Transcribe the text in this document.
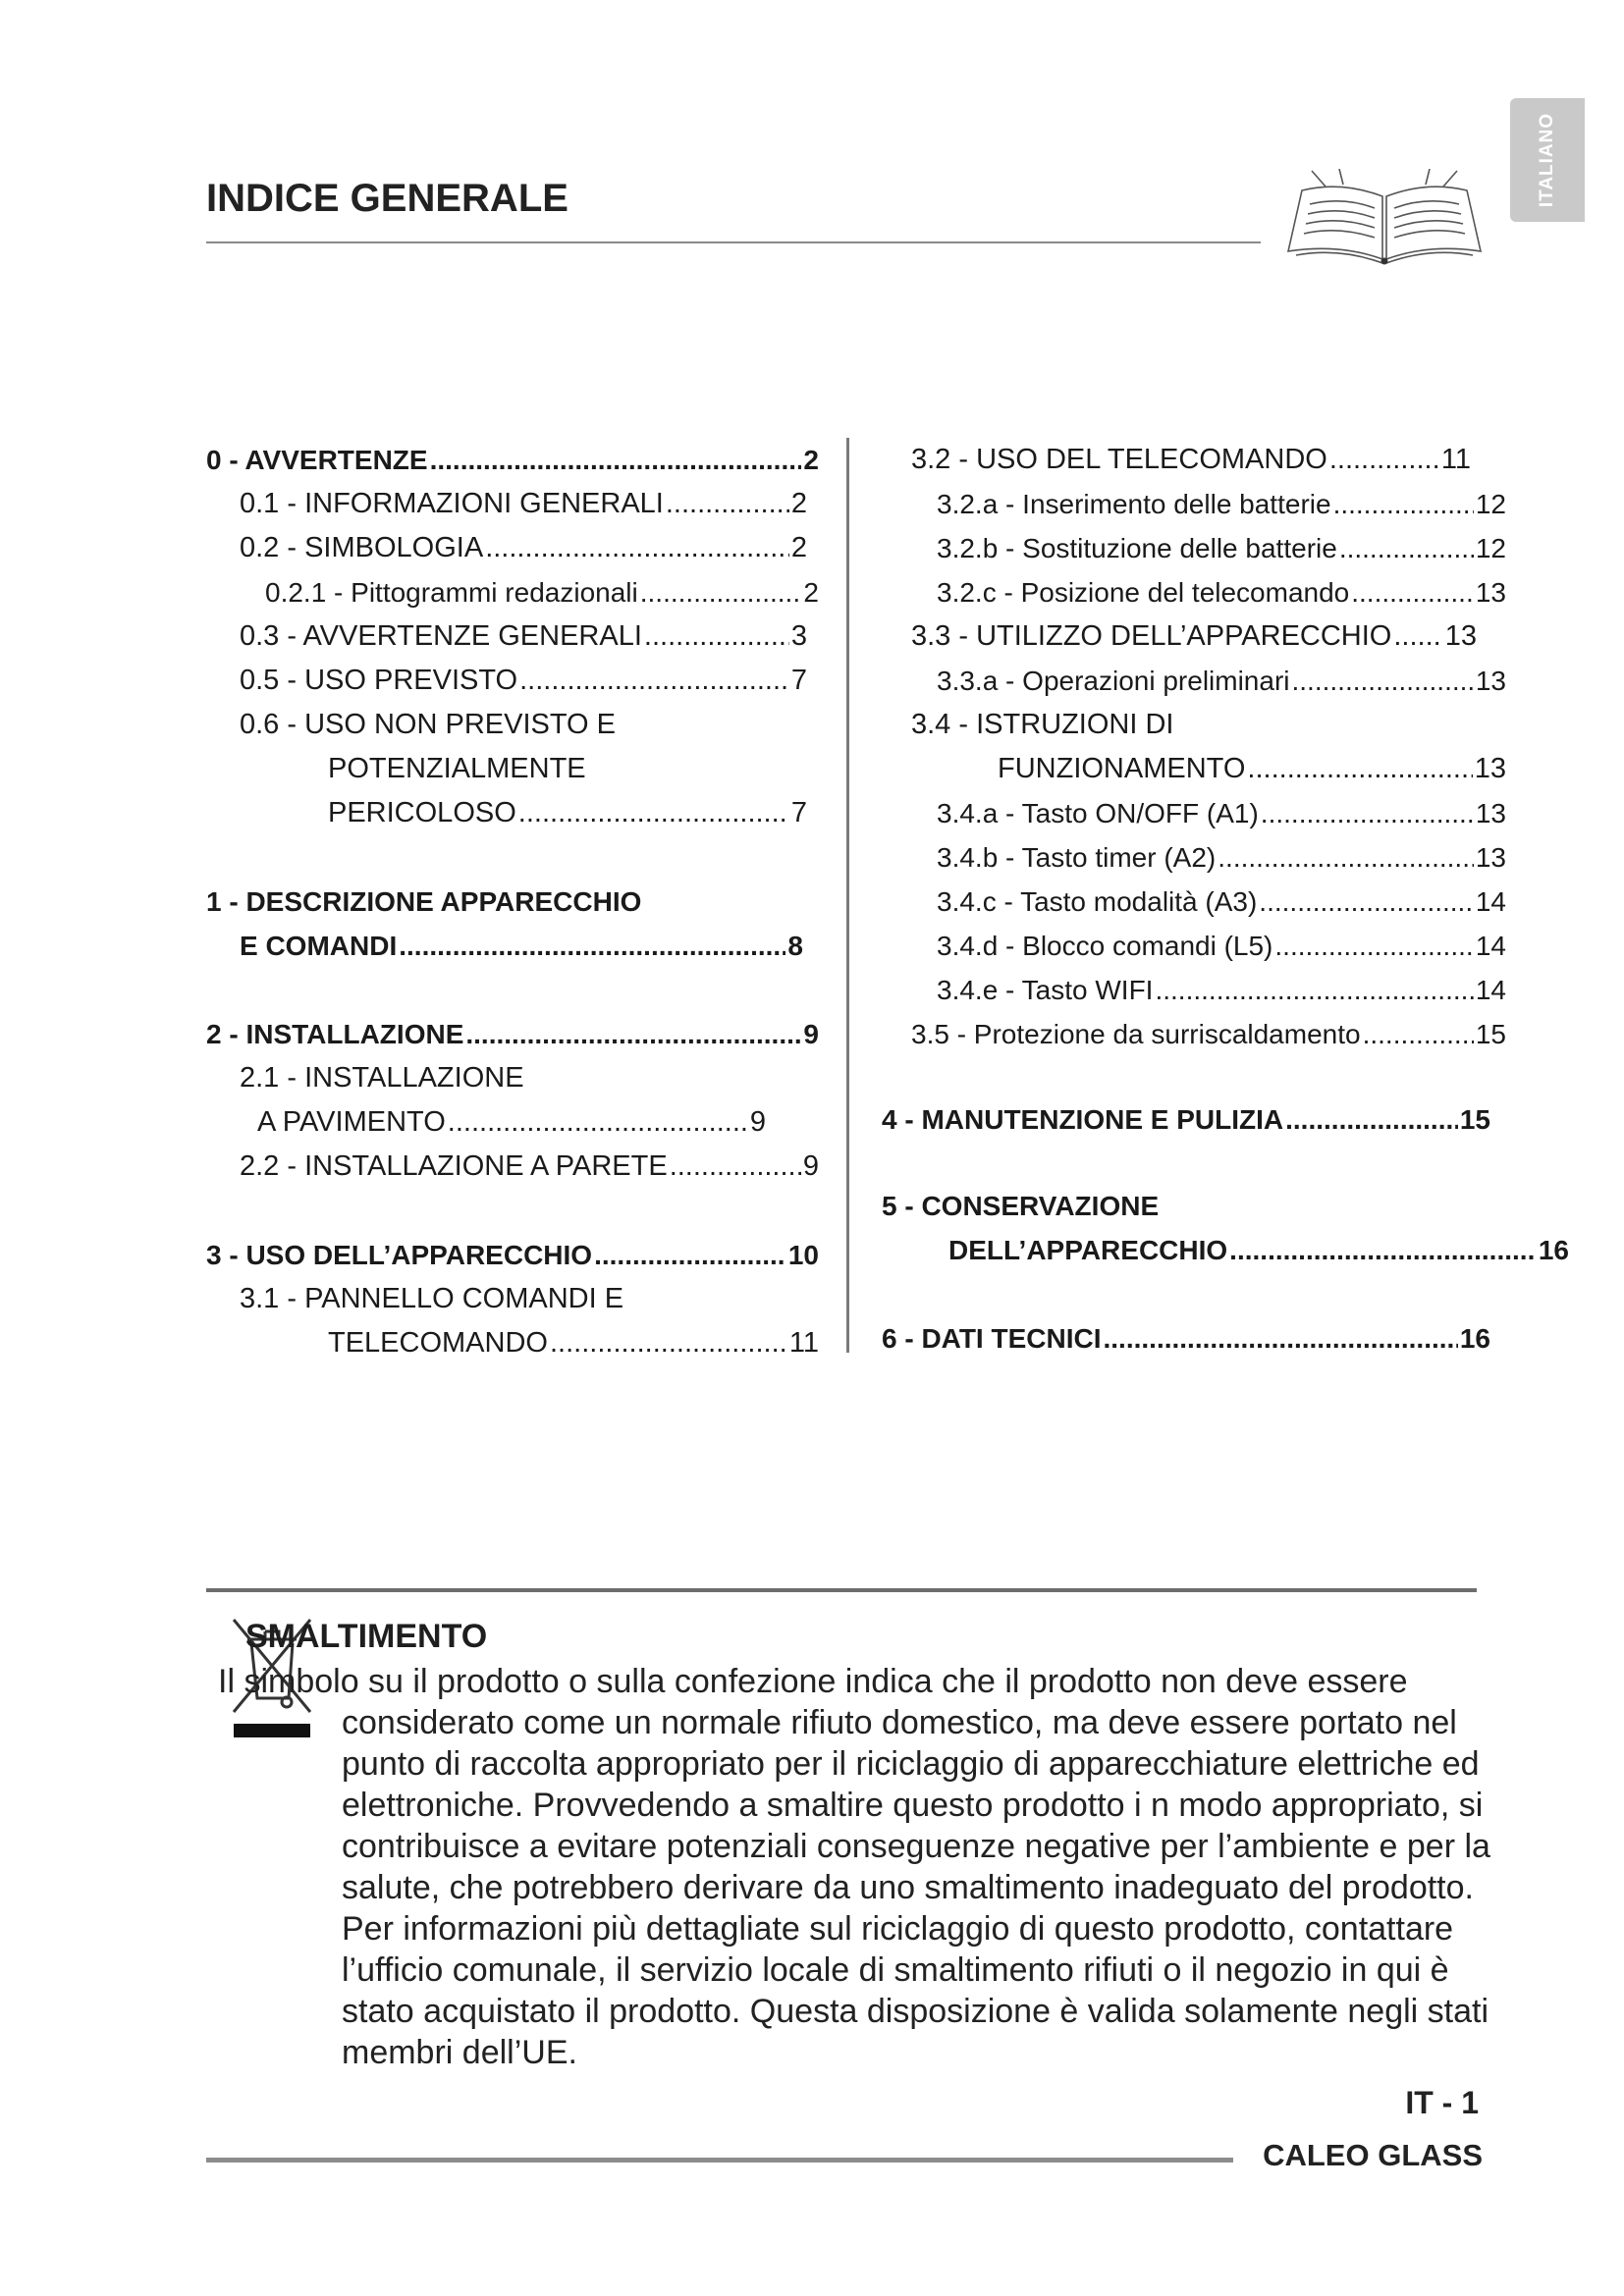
ITALIANO
INDICE GENERALE
0 - AVVERTENZE .....	2
0.1 - INFORMAZIONI GENERALI .....	2
0.2 - SIMBOLOGIA .....	2
0.2.1 - Pittogrammi redazionali .....	2
0.3 - AVVERTENZE GENERALI .....	3
0.5 - USO PREVISTO .....	7
0.6 - USO NON PREVISTO E
POTENZIALMENTE
PERICOLOSO .....	7
1 - DESCRIZIONE APPARECCHIO
E COMANDI .....	8
2 - INSTALLAZIONE .....	9
2.1 - INSTALLAZIONE
A PAVIMENTO .....	9
2.2 - INSTALLAZIONE A PARETE .....	9
3 - USO DELL’APPARECCHIO .....	10
3.1 - PANNELLO COMANDI E
TELECOMANDO .....	11
3.2 - USO DEL TELECOMANDO .....	11
3.2.a - Inserimento delle batterie .....	12
3.2.b - Sostituzione delle batterie .....	12
3.2.c - Posizione del telecomando .....	13
3.3 - UTILIZZO DELL’APPARECCHIO ..... 13
3.3.a - Operazioni preliminari .....	13
3.4 - ISTRUZIONI DI
FUNZIONAMENTO .....	13
3.4.a - Tasto ON/OFF (A1) .....	13
3.4.b - Tasto timer (A2) .....	13
3.4.c - Tasto modalità (A3) .....	14
3.4.d - Blocco comandi (L5) .....	14
3.4.e - Tasto WIFI .....	14
3.5 - Protezione da surriscaldamento .....	15
4 - MANUTENZIONE E PULIZIA .....	15
5 - CONSERVAZIONE
DELL’APPARECCHIO .....	16
6 - DATI TECNICI .....	16
SMALTIMENTO

Il simbolo su il prodotto o sulla confezione indica che il prodotto non deve essere
considerato come un normale rifiuto domestico, ma deve essere portato nel punto di raccolta appropriato per il riciclaggio di apparecchiature elettriche ed elettroniche. Provvedendo a smaltire questo prodotto i n modo appropriato, si contribuisce a evitare potenziali conseguenze negative per l’ambiente e per la salute, che potrebbero derivare da uno smaltimento inadeguato del prodotto. Per informazioni più dettagliate sul riciclaggio di questo prodotto, contattare l’ufficio comunale, il servizio locale di smaltimento rifiuti o il negozio in qui è stato acquistato il prodotto. Questa disposizione è valida solamente negli stati membri dell’UE.

IT - 1
CALEO GLASS
